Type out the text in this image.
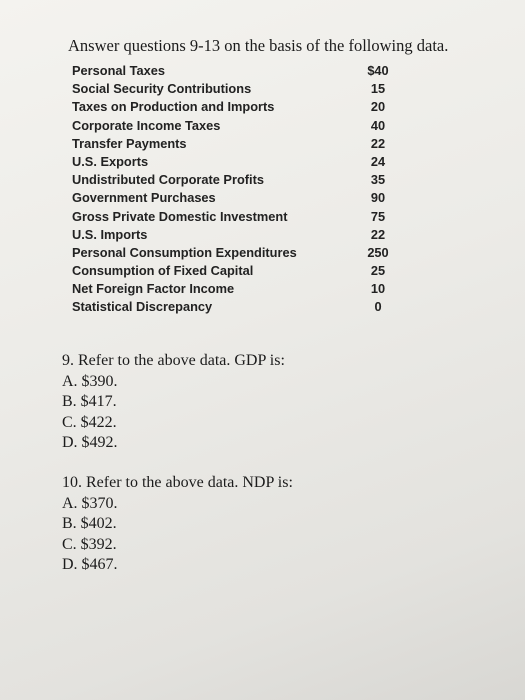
Answer questions 9-13 on the basis of the following data.
Personal Taxes	$40
Social Security Contributions	15
Taxes on Production and Imports	20
Corporate Income Taxes	40
Transfer Payments	22
U.S. Exports	24
Undistributed Corporate Profits	35
Government Purchases	90
Gross Private Domestic Investment	75
U.S. Imports	22
Personal Consumption Expenditures	250
Consumption of Fixed Capital	25
Net Foreign Factor Income	10
Statistical Discrepancy	0
9. Refer to the above data. GDP is:
A. $390.
B. $417.
C. $422.
D. $492.
10. Refer to the above data. NDP is:
A. $370.
B. $402.
C. $392.
D. $467.
